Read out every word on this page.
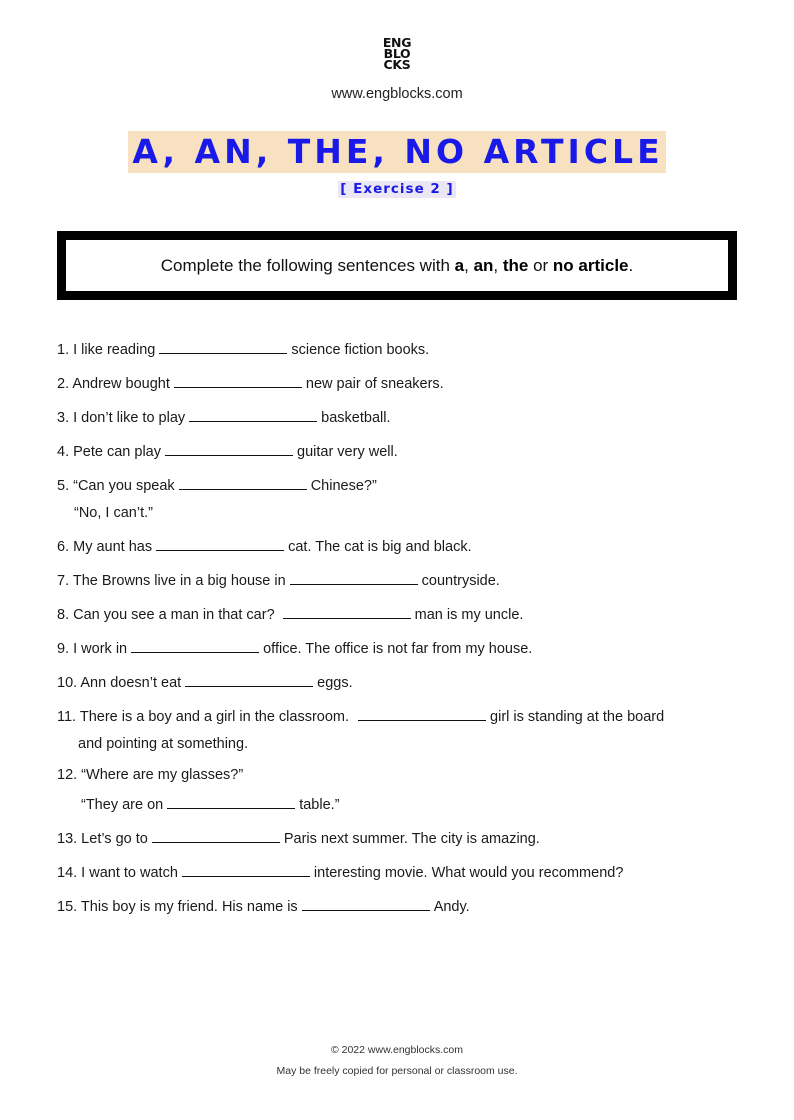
ENG
BLO
CKS
www.engblocks.com
A, AN, THE, NO ARTICLE
[ Exercise 2 ]
Complete the following sentences with a, an, the or no article.
1. I like reading	science fiction books.
2. Andrew bought	new pair of sneakers.
3. I don’t like to play	basketball.
4. Pete can play	guitar very well.
5. “Can you speak	Chinese?”
“No, I can’t.”
6. My aunt has	cat. The cat is big and black.
7. The Browns live in a big house in	countryside.
8. Can you see a man in that car?	man is my uncle.
9. I work in	office. The office is not far from my house.
10. Ann doesn’t eat	eggs.
11. There is a boy and a girl in the classroom.	girl is standing at the board
and pointing at something.
12. “Where are my glasses?”
“They are on	table.”
13. Let’s go to	Paris next summer. The city is amazing.
14. I want to watch	interesting movie. What would you recommend?
15. This boy is my friend. His name is	Andy.
© 2022 www.engblocks.com
May be freely copied for personal or classroom use.
